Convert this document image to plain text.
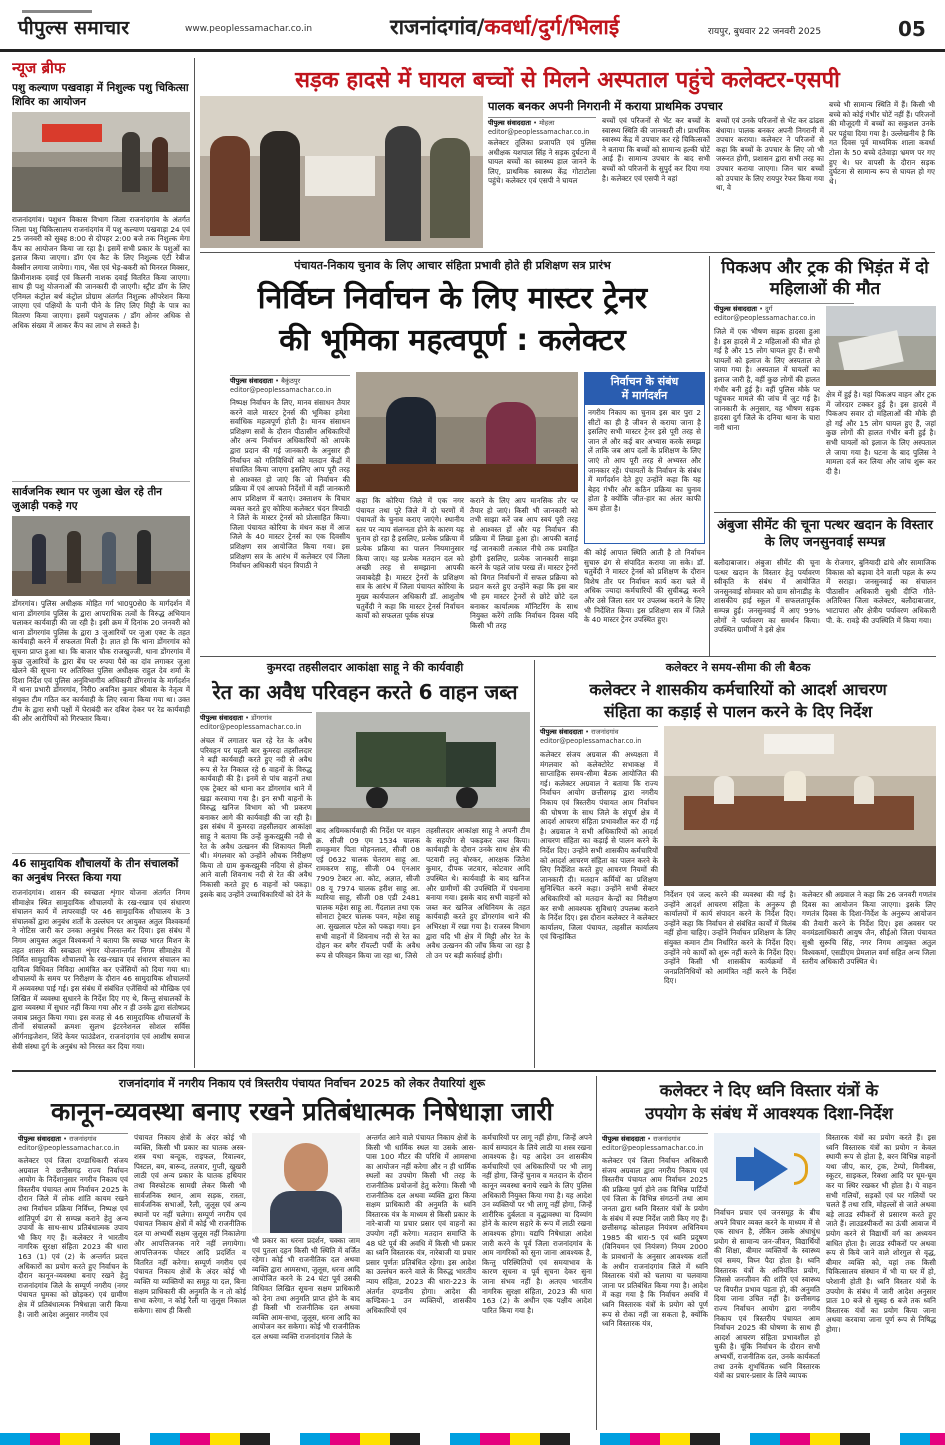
पीपुल्स समाचार	www.peoplessamachar.co.in	राजनांदगांव/कवर्धा/दुर्ग/भिलाई	रायपुर, बुधवार 22 जनवरी 2025	05
न्यूज ब्रीफ
पशु कल्याण पखवाड़ा में निशुल्क पशु चिकित्सा शिविर का आयोजन
राजनांदगांव। पशुधन विकास विभाग जिला राजनांदगांव के अंतर्गत जिला पशु चिकित्सालय राजनांदगांव में पशु कल्याण पखवाड़ा 24 एवं 25 जनवरी को सुबह 8:00 से दोपहर 2:00 बजे तक निशुल्क मेगा कैंप का आयोजन किया जा रहा है। इसमें सभी प्रकार के पशुओं का इलाज किया जाएगा। डॉग एंव कैट के लिए निशुल्क एंटी रेबीज वैक्सीन लगाया जायेगा। गाय, भैंस एवं भेड़-बकरी को मिनरल मिक्सर, क्रिमीनाशक दवाई एवं किलनी नाशक दवाई वितरित किया जाएगा। साथ ही पशु योजनाओं की जानकारी दी जाएगी। स्ट्रीट डॉग के लिए एनिमल कंट्रोल बर्थ कंट्रोल प्रोग्राम अंतर्गत निशुल्क ऑपरेशन किया जाएगा एवं पक्षियों के पानी पीने के लिए लिए मिट्टी के पात्र का वितरण किया जाएगा। इसमें पशुपालक / डॉग ओनर अधिक से अधिक संख्या में आकर कैंप का लाभ ले सकते है।
सार्वजनिक स्थान पर जुआ खेल रहे तीन जुआड़ी पकड़े गए
डोंगरगांव। पुलिस अधीक्षक मोहित गर्ग भा0पु0से0 के मार्गदर्शन में थाना डोंगरगांव पुलिस के द्वारा आपराधिक तत्वों के विरुद्ध अभियान चलाकर कार्यवाही की जा रही है। इसी क्रम में दिनांक 20 जनवरी को थाना डोंगरगांव पुलिस के द्वारा 3 जुआरियों पर जुआ एक्ट के तहत कार्यवाही करने में सफलता मिली है। ज्ञात हो कि थाना डोंगरगांव को सूचना प्राप्त हुआ था। कि बाजार चौक राजखुज्जी, थाना डोंगरगांव में कुछ जुआरियों के द्वारा बेंच पर रुपया पैसे का दांव लगाकर जुआ खेलने की सूचना पर अतिरिक्त पुलिस अधीक्षक राहुल देव शर्मा के दिशा निर्देश एवं पुलिस अनुविभागीय अधिकारी डोंगरगांव के मार्गदर्शन में थाना प्रभारी डोंगरगांव, निरी0 अवनिश कुमार श्रीवास के नेतृत्व में संयुक्त टीम गठित कर कार्यवाही के लिए रवाना किया गया था। उक्त टीम के द्वारा सभी पक्षों में घेराबंदी कर दबिश देकर पर रेड कार्यवाही की और आरोपियों को गिरफ्तार किया।
46 सामुदायिक शौचालयों के तीन संचालकों का अनुबंध निरस्त किया गया
राजनांदगांव। शासन की स्वच्छता शृंगार योजना अंतर्गत निगम सीमाक्षेत्र स्थित सामुदायिक शौचालयों के रख-रखाव एवं संधारण संचालन कार्य में लापरवाही पर 46 सामुदायिक शौचालय के 3 संचालकों द्वारा अनुबंध शर्तों के उल्लंघन पर आयुक्त अतुल विश्वकर्मा ने नोटिस जारी कर उनका अनुबंध निरस्त कर दिया। इस संबंध में निगम आयुक्त अतुल विश्वकर्मा ने बताया कि स्वच्छ भारत मिशन के तहत शासन की स्वच्छता शृंगार योजनान्तर्गत निगम सीमाक्षेत्र में निर्मित सामुदायिक शौचालयों के रख-रखाव एवं संधारण संचालन का दायित्व विधिवत निविदा आमंत्रित कर एजेंसियों को दिया गया था। शौचालयों के समय पर निरीक्षण के दौरान 46 सामुदायिक शौचालयों में अव्यवस्था पाई गई। इस संबंध में संबंधित एजेंसियों को मौखिक एवं लिखित में व्यवस्था सुधारने के निर्देश दिए गए थे, किन्तु संचालकों के द्वारा व्यवस्था में सुधार नहीं किया गया और न ही उनके द्वारा संतोषप्रद जवाब प्रस्तुत किया गया। इस वजह से 46 सामुदायिक शौचालयों के तीनों संचालकों क्रमशः सुलभ इंटरनेशनल सोशल सर्विस ऑर्गनाइजेशन, शिंदे केयर फाउंडेशन, राजनांदगांव एवं आशीष समाज सेवी संस्था दुर्ग के अनुबंध को निरस्त कर दिया गया।
सड़क हादसे में घायल बच्चों से मिलने अस्पताल पहुंचे कलेक्टर-एसपी
पालक बनकर अपनी निगरानी में कराया प्राथमिक उपचार
पीपुल्स संवाददाता • मोहला
editor@peoplessamachar.co.in
कलेक्टर तूलिका प्रजापति एवं पुलिस अधीक्षक यशपाल सिंह ने सड़क दुर्घटना में घायल बच्चों का स्वास्थ्य हाल जानने के लिए, प्राथमिक स्वास्थ्य केंद्र गोटाटोला पहुंचे। कलेक्टर एवं एसपी ने घायल
बच्चों एवं परिजनों से भेंट कर बच्चों के स्वास्थ्य स्थिति की जानकारी ली। प्राथमिक स्वास्थ्य केंद्र में उपचार कर रहे चिकित्सकों ने बताया कि बच्चों को सामान्य हल्की चोटें आई हैं। सामान्य उपचार के बाद सभी बच्चों को परिजनों के सुपुर्द कर दिया गया है। कलेक्टर एवं एसपी ने वहां
बच्चों एवं उनके परिजनों से भेंट कर ढांढस बंधाया। पालक बनकर अपनी निगरानी में उपचार कराया। कलेक्टर ने परिजनों से कहा कि बच्चों के उपचार के लिए जो भी जरूरत होगी, प्रशासन द्वारा सभी तरह का उपचार कराया जाएगा। जिन चार बच्चों को उपचार के लिए रायपुर रेफर किया गया था, वे
बच्चे भी सामान्य स्थिति में हैं। किसी भी बच्चे को कोई गंभीर चोटें नहीं हैं। परिजनों की मौजूदगी में बच्चों का सकुशल उनके घर पहुंचा दिया गया है। उल्लेखनीय है कि गत दिवस पूर्व माध्यमिक शाला कवर्धा टोला के 50 बच्चे दंतेवाड़ा भ्रमण पर गए हुए थे। घर वापसी के दौरान सड़क दुर्घटना से सामान्य रूप से घायल हो गए थे।
पंचायत-निकाय चुनाव के लिए आचार संहिता प्रभावी होते ही प्रशिक्षण सत्र प्रारंभ
निर्विघ्न निर्वाचन के लिए मास्टर ट्रेनर
की भूमिका महत्वपूर्ण : कलेक्टर
पीपुल्स संवाददाता • बैकुंठपुर
editor@peoplessamachar.co.in
निष्पक्ष निर्वाचन के लिए, मानव संसाधन तैयार करने वाले मास्टर ट्रेनर्स की भूमिका हमेशा सर्वाधिक महत्वपूर्ण होती है। मानव संसाधन प्रशिक्षण सत्रों के दौरान पीठासीन अधिकारियों और अन्य निर्वाचन अधिकारियों को आपके द्वारा प्रदान की गई जानकारी के अनुसार ही निर्वाचन को गतिविधियों को मतदान केंद्रों में संचालित किया जाएगा इसलिए आप पूरी तरह से आश्वस्त हो जाएं कि जो निर्वाचन की प्रक्रिया में एवं आपको निर्देशों में वहीं जानकारी आप प्रशिक्षण में बताएं। उक्ताशय के विचार व्यक्त करते हुए कोरिया कलेक्टर चंदन त्रिपाठी ने जिले के मास्टर ट्रेनर्स को प्रोत्साहित किया। जिला पंचायत कोरिया के मंथन कक्ष में आज जिले के 40 मास्टर ट्रेनर्स का एक दिवसीय प्रशिक्षण सत्र आयोजित किया गया। इस प्रशिक्षण सत्र के आरंभ में कलेक्टर एवं जिला निर्वाचन अधिकारी चंदन त्रिपाठी ने
कहा कि कोरिया जिले में एक नगर पंचायत तथा पूरे जिले में दो चरणों में पंचायतों के चुनाव कराए जाएंगे। स्थानीय स्तर पर न्याय संलग्नता होने के कारण यह चुनाव हो रहा है इसलिए, प्रत्येक प्रक्रिया में प्रत्येक प्रक्रिया का पालन नियमानुसार किया जाए। यह प्रत्येक मतदान दल को अच्छी तरह से समझाना आपकी जवाबदेही है। मास्टर ट्रेनरों के प्रशिक्षण सत्र के आरंभ में जिला पंचायत कोरिया के मुख्य कार्यपालन अधिकारी डॉ. आशुतोष चतुर्वेदी ने कहा कि मास्टर ट्रेनर्स निर्वाचन कार्यों को सफलता पूर्वक संपन्न
कराने के लिए आप मानसिक तौर पर तैयार हो जाएं। किसी भी जानकारी को तभी साझा करें जब आप स्वयं पूरी तरह से आश्वस्त हों और यह निर्वाचन की प्रक्रिया में लिखा हुआ हो। आपकी बताई गई जानकारी तत्काल नीचे तक प्रवाहित होगी इसलिए, प्रत्येक जानकारी साझा करने के पहले जांच परख लें। मास्टर ट्रेनरों को विगत निर्वाचनों में सफल प्रक्रिया को प्रदान करते हुए उन्होंने कहा कि इस बार भी हम मास्टर ट्रेनरों से छोटे छोटे दल बनाकर कार्यात्मक मॉनिटरिंग के साथ नियुक्त करेंगे ताकि निर्वाचन दिवस यदि किसी भी तरह
निर्वाचन के संबंध
में मार्गदर्शन
नगरीय निकाय का चुनाव इस बार पुरा 2 सीटों का ही है जीवन से कराया जाना है इसलिए सभी मास्टर ट्रेनर इसे पूरी तरह से जान लें और कई बार अभ्यास करके समझ लें ताकि जब आप दलों के प्रशिक्षण के लिए जाएं तो आप पूरी तरह से अभ्यस्त और जानकार रहें। पंचायतों के निर्वाचन के संबंध में मार्गदर्शन देते हुए उन्होंने कहा कि यह बेहद गंभीर और कठिन प्रक्रिया का चुनाव होता है क्योंकि जीत-हार का अंतर काफी कम होता है।
की कोई आपात स्थिति आती है तो निर्वाचन सुचारु ढंग से संपादित कराया जा सके। डॉ. चतुर्वेदी ने मास्टर ट्रेनर्स को प्रशिक्षण के दौरान विशेष तौर पर निर्वाचन कार्य करा चले में अधिक ज्यादा कर्मचारियों की सुचीबद्ध करने और उसे जिला स्तर पर उपलब्ध कराने के लिए भी निर्देशित किया। इस प्रशिक्षण सत्र में जिले के 40 मास्टर ट्रेनर उपस्थित हुए।
पिकअप और ट्रक की भिड़ंत में दो महिलाओं की मौत
पीपुल्स संवाददाता • दुर्ग
editor@peoplessamachar.co.in
जिले में एक भीषण सड़क हादसा हुआ है। इस हादसे में 2 महिलाओं की मौत हो गई है और 15 लोग घायल हुए हैं। सभी घायलों को इलाज के लिए अस्पताल ले जाया गया है। अस्पताल में घायलों का इलाज जारी है, वहीं कुछ लोगों की हालत गंभीर बनी हुई है। वहीं पुलिस मौके पर पहुंचकर मामले की जांच में जुट गई है। जानकारी के अनुसार, यह भीषण सड़क हादसा दुर्ग जिले के दनिया थाना के चारा नारी थाना
क्षेत्र में हुई है। यहां पिकअप वाहन और ट्रक में जोरदार टक्कर हुई है। इस हादसे में पिकअप सवार दो महिलाओं की मौके ही हो गई और 15 लोग घायल हुए हैं, जहां कुछ लोगों की हालत गंभीर बनी हुई है। सभी घायलों को इलाज के लिए अस्पताल ले जाया गया है। घटना के बाद पुलिस ने मामला दर्ज कर लिया और जांच शुरू कर दी है।
अंबुजा सीमेंट की चूना पत्थर खदान के विस्तार के लिए जनसुनवाई सम्पन्न
बलौदाबाजार। अंबुजा सीमेंट की चूना पत्थर खदान के विस्तार हेतु पर्यावरण स्वीकृति के संबंध में आयोजित जनसुनवाई सोमवार को ग्राम सोनाडीह के शासकीय हाई स्कूल में सफलतापूर्वक सम्पन्न हुई। जनसुनवाई में आए 99% लोगों ने पर्यावरण का समर्थन किया। उपस्थित ग्रामीणों ने इसे क्षेत्र
के रोजगार, बुनियादी ढांचे और सामाजिक विकास को बढ़ावा देने वाली पहल के रूप में सराहा। जनसुनवाई का संचालन पीठासीन अधिकारी सुश्री दीप्ति गौते-अतिरिक्त जिला कलेक्टर, बलौदाबाजार, भाटापारा और क्षेत्रीय पर्यावरण अधिकारी पी. के. रावड़े की उपस्थिति में किया गया।
कुमरदा तहसीलदार आकांक्षा साहू ने की कार्यवाही
रेत का अवैध परिवहन करते 6 वाहन जब्त
पीपुल्स संवाददाता • डोंगरगांव
editor@peoplessamachar.co.in
अंचल में लगातार चल रहे रेत के अवैध परिवहन पर पहली बार कुमरदा तहसीलदार ने बड़ी कार्यवाही करते हुए नदी से अवैध रूप से रेत निकाल रहे 6 वाहनों के विरुद्ध कार्यवाही की है। इनमें से पांच वाहनों तथा एक ट्रेक्टर को थाना कर डोंगरगांव थाने में खड़ा करवाया गया है। इन सभी वाहनों के विरुद्ध खनिज विभाग को भी प्रकरण बनाकर आगे की कार्यवाही की जा रही है। इस संबंध में कुमरदा तहसीलदार आकांक्षा साहू ने बताया कि उन्हें कुकरझुकी नदी से रेत के अवैध उत्खनन की शिकायत मिली थी। मंगलवार को उन्होंने औचक निरीक्षण किया तो ग्राम कुकरझुकी नदिया से होकर आने वाली शिवनाथ नदी से रेत की अवैध निकासी करते हुए 6 वाहनों को पकड़ा। इसके बाद उन्होंने उच्चाधिकारियों को देने के
बाद अग्रिमकार्यवाही की निर्देश पर वाहन क्र. सीजी 09 एम 1534 चालक रामकुमार पिता मोहनलाल, सीजी 08 एई 0632 चालक चेतराम साहू आ. रामकरण साहू, सीजी 04 एनआर 7909 टेक्टर आ. कोट, अज्ञात, सीजी 08 यू 7974 चालक हरीश साहू आ. ग्यारिया साहू, सीजी 08 एडी 2481 चालक महेश साहू आ. गैंदलाल तथा एक सोनाटा ट्रेक्टर चालक पवन, महेश साहू आ. सुखलाल पटेल को पकड़ा गया। इन सभी वाहनों में शिवनाथ नदी से रेत का दोहन कर बगैर रॉयल्टी पर्ची के अवैध रूप से परिवहन किया जा रहा था, जिसे
तहसीलदार आकांक्षा साहू ने अपनी टीम के सहयोग से पकड़कर जब्त किया। कार्यवाही के दौरान उनके साथ क्षेत्र की पटवारी लतु बोरकर, आरक्षक जितेश कुमार, दीपक जटवार, कोटवार आदि उपस्थित थे। कार्यवाही के बाद खनिज और ग्रामीणों की उपस्थिति में पंचनामा बनाया गया। इसके बाद सभी वाहनों को जब्त कर खनिज अधिनियम के तहत कार्यवाही करते हुए डोंगरगांव थाने की अभिरक्षा में रखा गया है। राजस्व विभाग द्वारा यदि भी क्षेत्र में मिट्टी और रेत के अवैध उत्खनन की जाँच किया जा रहा है तो उन पर बड़ी कार्रवाई होगी।
कलेक्टर ने समय-सीमा की ली बैठक
कलेक्टर ने शासकीय कर्मचारियों को आदर्श आचरण
संहिता का कड़ाई से पालन करने के दिए निर्देश
पीपुल्स संवाददाता • राजनांदगांव
editor@peoplessamachar.co.in
कलेक्टर संजय अग्रवाल की अध्यक्षता में मंगलवार को कलेक्टोरेट सभाकक्ष में साप्ताहिक समय-सीमा बैठक आयोजित की गई। कलेक्टर अग्रवाल ने बताया कि राज्य निर्वाचन आयोग छत्तीसगढ़ द्वारा नगरीय निकाय एवं त्रिस्तरीय पंचायत आम निर्वाचन की घोषणा के साथ जिले के संपूर्ण क्षेत्र में आदर्श आचरण संहिता प्रभावशील कर दी गई है। अग्रवाल ने सभी अधिकारियों को आदर्श आचरण संहिता का कड़ाई से पालन करने के निर्देश दिए। उन्होंने सभी शासकीय कर्मचारियों को आदर्श आचरण संहिता का पालन करने के लिए निर्देशित करते हुए आचरण नियमों की जानकारी दी। मतदान कर्मियों का प्रशिक्षण सुनिश्चित करने कहा। उन्होंने सभी सेक्टर अधिकारियों को मतदान केन्द्रों का निरीक्षण कर सभी आवश्यक सुविधाएं उपलब्ध कराने के निर्देश दिए। इस दौरान कलेक्टर ने कलेक्टर कार्यालय, जिला पंचायत, तहसील कार्यालय एवं चिन्हांकित
निर्देशन एवं जल्द करने की व्यवस्था की गई है। उन्होंने आदर्श आचरण संहिता के अनुरूप ही कार्यालयों में कार्य संपादन करने के निर्देश दिए। उन्होंने कहा कि निर्वाचन से संबंधित कार्यों में विलंब नहीं होना चाहिए। उन्होंने निर्वाचन प्रशिक्षण के लिए संयुक्त कमान टीम निर्धारित करने के निर्देश दिए। उन्होंने नये कार्यों को शुरू नहीं करने के निर्देश दिए। उन्होंने किसी भी शासकीय कार्यक्रमों में जनप्रतिनिधियों को आमंत्रित नहीं करने के निर्देश दिए।
कलेक्टर श्री अग्रवाल ने कहा कि 26 जनवरी गणतंत्र दिवस का आयोजन किया जाएगा। इसके लिए गणतंत्र दिवस के दिशा-निर्देश के अनुरूप आयोजन की तैयारी करने के निर्देश दिए। इस अवसर पर वनमंडलाधिकारी आयुष जैन, सीईओ जिला पंचायत सुश्री सुरूचि सिंह, नगर निगम आयुक्त अतुल विश्वकर्मा, एसडीएम प्रेमलाल वर्मा सहित अन्य जिला स्तरीय अधिकारी उपस्थित थे।
राजनांदगांव में नगरीय निकाय एवं त्रिस्तरीय पंचायत निर्वाचन 2025 को लेकर तैयारियां शुरू
कानून-व्यवस्था बनाए रखने प्रतिबंधात्मक निषेधाज्ञा जारी
पीपुल्स संवाददाता • राजनांदगांव
editor@peoplessamachar.co.in
कलेक्टर एवं जिला दण्डाधिकारी संजय अग्रवाल ने छत्तीसगढ़ राज्य निर्वाचन आयोग के निर्देशानुसार नगरीय निकाय एवं त्रिस्तरीय पंचायत आम निर्वाचन 2025 के दौरान जिले में लोक शांति कायम रखने तथा निर्वाचन प्रक्रिया निर्विघ्न, निष्पक्ष एवं शांतिपूर्ण ढंग से सम्पन्न कराने हेतु अन्य उपायों के साथ-साथ प्रतिबंधात्मक उपाय भी किए गए हैं। कलेक्टर ने भारतीय नागरिक सुरक्षा संहिता 2023 की धारा 163 (1) एवं (2) के अन्तर्गत प्रदत्त अधिकारों का प्रयोग करते हुए निर्वाचन के दौरान कानून-व्यवस्था बनाए रखने हेतु राजनांदगांव जिले के सम्पूर्ण नगरीय (नगर पंचायत घुमका को छोड़कर) एवं ग्रामीण क्षेत्र में प्रतिबंधात्मक निषेधाज्ञा जारी किया है। जारी आदेश अनुसार नगरीय एवं
पंचायत निकाय क्षेत्रों के अंदर कोई भी व्यक्ति, किसी भी प्रकार का घातक अस्त्र-शस्त्र यथा बन्दूक, राइफल, रिवाल्वर, पिस्टल, बम, बारूद, तलवार, गुप्ती, खुखरी लाठी एवं अन्य प्रकार के घातक हथियार तथा विस्फोटक सामग्री लेकर किसी भी सार्वजनिक स्थान, आम सड़क, रास्ता, सार्वजनिक सभाओं, रैली, जुलूस एवं अन्य स्थानों पर नहीं चलेगा। सम्पूर्ण नगरीय एवं पंचायत निकाय क्षेत्रों में कोई भी राजनीतिक दल या अभ्यर्थी सक्षम जुलूस नहीं निकालेगा और आपत्तिजनक नारे नहीं लगायेगा। आपत्तिजनक पोस्टर आदि प्रदर्शित व वितरित नहीं करेगा। सम्पूर्ण नगरीय एवं पंचायत निकाय क्षेत्रों के अंदर कोई भी व्यक्ति या व्यक्तियों का समूह या दल, बिना सक्षम प्राधिकारी की अनुमति के न तो कोई सभा करेगा, न कोई रैली या जुलूस निकाल सकेगा। साथ ही किसी
भी प्रकार का धरना प्रदर्शन, चक्का जाम एवं पुतला दहन किसी भी स्थिति में वर्जित रहेगा। कोई भी राजनीतिक दल अथवा व्यक्ति द्वारा आमसभा, जुलूस, धरना आदि आयोजित करने के 24 घंटा पूर्व उसकी विधिवत लिखित सूचना सक्षम प्राधिकारी को देना तथा अनुमति प्राप्त होने के बाद ही किसी भी राजनीतिक दल अथवा व्यक्ति आम-सभा, जुलूस, धरना आदि का आयोजन कर सकेगा। कोई भी राजनीतिक दल अथवा व्यक्ति राजनांदगांव जिले के
अन्तर्गत आने वाले पंचायत निकाय क्षेत्रों के किसी भी धार्मिक स्थल या उसके आस-पास 100 मीटर की परिधि में आमसभा का आयोजन नहीं करेगा और न ही धार्मिक स्थलों का उपयोग किसी भी तरह के राजनीतिक प्रयोजनों हेतु करेगा। किसी भी राजनीतिक दल अथवा व्यक्ति द्वारा किया सक्षम प्राधिकारी की अनुमति के ध्वनि विस्तारक यंत्र के माध्यम से किसी प्रकार के नारे-बाजी या प्रचार प्रसार एवं वाहनों का उपयोग नहीं करेगा। मतदान समाप्ति के 48 घंटे पूर्व की अवधि में किसी भी प्रकार का ध्वनि विस्तारक यंत्र, नारेबाजी या प्रचार प्रसार पूर्णतः प्रतिबंधित रहेगा। इस आदेश का उल्लंघन करने वाले के विरुद्ध भारतीय न्याय संहिता, 2023 की धारा-223 के अंतर्गत दण्डनीय होगा। आदेश की कण्डिका-1 उन व्यक्तियों, शासकीय अधिकारियों एवं
कर्मचारियों पर लागू नहीं होगा, जिन्हें अपने कार्य सम्पादन के लिये लाठी या शस्त्र रखना आवश्यक है। यह आदेश उन शासकीय कर्मचारियों एवं अधिकारियों पर भी लागू नहीं होगा, जिन्हें चुनाव व मतदान के दौरान कानून व्यवस्था बनाये रखने के लिए पुलिस अधिकारी नियुक्त किया गया है। यह आदेश उन व्यक्तियों पर भी लागू नहीं होगा, जिन्हें शारीरिक दुर्बलता व वृद्धावस्था या दिव्यांग होने के कारण सहारे के रूप में लाठी रखना आवश्यक होगा। यद्यपि निषेधाज्ञा आदेश जारी करने के पूर्व जिला राजनांदगांव के आम नागरिकों को सुना जाना आवश्यक है, किन्तु परिस्थितियों एवं समयाभाव के कारण सूचना व पूर्व सूचना देकर सुना जाना संभव नहीं है। अतएव भारतीय नागरिक सुरक्षा संहिता, 2023 की धारा 163 (2) के अधीन एक पक्षीय आदेश पारित किया गया है।
कलेक्टर ने दिए ध्वनि विस्तार यंत्रों के
उपयोग के संबंध में आवश्यक दिशा-निर्देश
पीपुल्स संवाददाता • राजनांदगांव
editor@peoplessamachar.co.in
कलेक्टर एवं जिला निर्वाचन अधिकारी संजय अग्रवाल द्वारा नगरीय निकाय एवं त्रिस्तरीय पंचायत आम निर्वाचन 2025 की प्रक्रिया पूर्ण होने तक विभिन्न पार्टियों एवं जिला के विभिन्न संगठनों तथा आम जनता द्वारा ध्वनि विस्तार यंत्रों के प्रयोग के संबंध में स्पष्ट निर्देश जारी किए गए हैं। छत्तीसगढ़ कोलाहल नियंत्रण अधिनियम 1985 की धारा-5 एवं ध्वनि प्रदूषण (विनियमन एवं नियंत्रण) नियम 2000 के प्रावधानों के अनुसार आवश्यक शर्तों के अधीन राजनांदगांव जिले में ध्वनि विस्तारक यंत्रों को चलाया या चलवाया जाना पर प्रतिबंधित किया गया है। आदेश में कहा गया है कि निर्वाचन अवधि में ध्वनि विस्तारक यंत्रों के प्रयोग को पूर्ण रूप से रोका नहीं जा सकता है, क्योंकि ध्वनि विस्तारक यंत्र,
निर्वाचन प्रचार एवं जनसमूह के बीच अपने विचार व्यक्त करने के माध्यम में से एक साधन है, लेकिन उसके अंधाधुंध प्रयोग से सामान्य जन-जीवन, विद्यार्थियों की शिक्षा, बीमार व्यक्तियों के स्वास्थ्य एवं समय, विघ्न पैदा होता है। ध्वनि विस्तारक यंत्रों के अनियंत्रित प्रयोग, जिससे जनजीवन की शांति एवं स्वास्थ्य पर विपरीत प्रभाव पड़ता हो, की अनुमति दिया जाना उचित नहीं है। छत्तीसगढ़ राज्य निर्वाचन आयोग द्वारा नगरीय निकाय एवं त्रिस्तरीय पंचायत आम निर्वाचन 2025 की घोषणा के साथ ही आदर्श आचरण संहिता प्रभावशील हो चुकी है। चूंकि निर्वाचन के दौरान सभी अभ्यर्थी, राजनीतिक दल, उनके कार्यकर्ता तथा उनके शुभचिंतक ध्वनि विस्तारक यंत्रों का प्रचार-प्रसार के लिये व्यापक
विस्तारक यंत्रों का प्रयोग करते हैं। इस ध्वनि विस्तारक यंत्रों का प्रयोग न केवल स्थायी रूप से होता है, बरन विभिन्न वाहनों यथा जीप, कार, ट्रक, टेम्पो, मिनीबस, स्कूटर, साइकल, रिक्शा आदि पर घूम-घूम कर या स्थिर रखकर भी होता है। ये वाहन सभी गलियों, सड़कों एवं घर गलियों पर चलते हैं तथा रात्रि, मोहल्लों से जाते अथवा बड़े लाउड स्पीकरों से प्रसारण करते हुए जाते हैं। लाउडस्पीकरों का ऊंची आवाज में प्रयोग करने से विद्यार्थी वर्ग का अध्ययन बाधित होता है। लाउड स्पीकरों पर अथवा रूप से किये जाने वाले शोरगुल से वृद्ध, बीमार व्यक्ति को, यहां तक किसी चिकित्सालय संस्थान में भी या घर में हो, परेशानी होती है। ध्वनि विस्तार यंत्रों के उपयोग के संबंध में जारी आदेश अनुसार प्रातः 10 बजे से सुबह 6 बजे तक ध्वनि विस्तारक यंत्रों का प्रयोग किया जाना अथवा करवाया जाना पूर्ण रूप से निषिद्ध होगा।
